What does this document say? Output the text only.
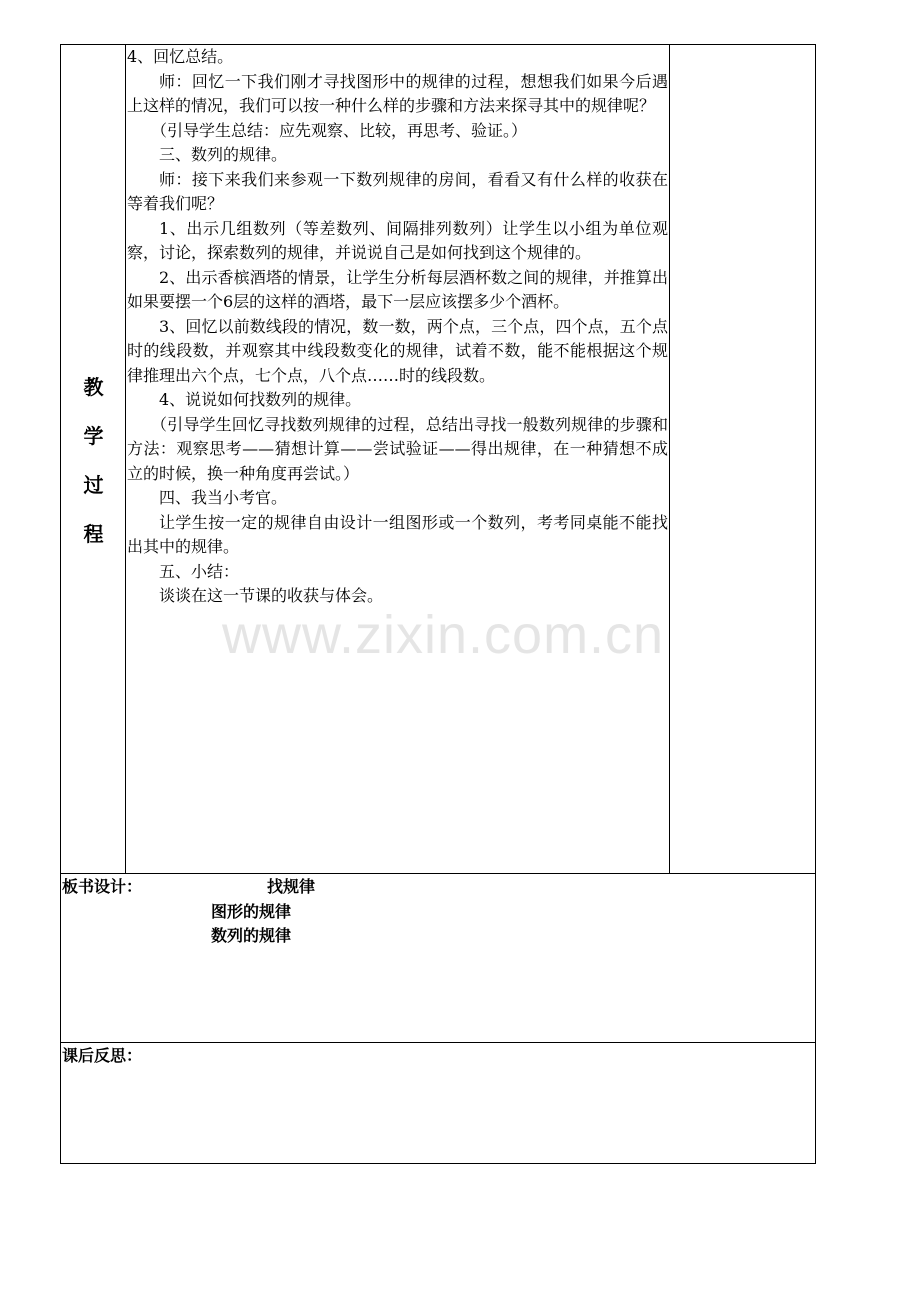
教
学
过
程

4、回忆总结。

师：回忆一下我们刚才寻找图形中的规律的过程，想想我们如果今后遇上这样的情况，我们可以按一种什么样的步骤和方法来探寻其中的规律呢？

（引导学生总结：应先观察、比较，再思考、验证。）

三、数列的规律。

师：接下来我们来参观一下数列规律的房间，看看又有什么样的收获在等着我们呢？

1、出示几组数列（等差数列、间隔排列数列）让学生以小组为单位观察，讨论，探索数列的规律，并说说自己是如何找到这个规律的。

2、出示香槟酒塔的情景，让学生分析每层酒杯数之间的规律，并推算出如果要摆一个6层的这样的酒塔，最下一层应该摆多少个酒杯。

3、回忆以前数线段的情况，数一数，两个点，三个点，四个点，五个点时的线段数，并观察其中线段数变化的规律，试着不数，能不能根据这个规律推理出六个点，七个点，八个点……时的线段数。

4、说说如何找数列的规律。

（引导学生回忆寻找数列规律的过程，总结出寻找一般数列规律的步骤和方法：观察思考——猜想计算——尝试验证——得出规律，在一种猜想不成立的时候，换一种角度再尝试。）

四、我当小考官。

让学生按一定的规律自由设计一组图形或一个数列，考考同桌能不能找出其中的规律。

五、小结：

谈谈在这一节课的收获与体会。

板书设计：	找规律
图形的规律
数列的规律
课后反思：
www.zixin.com.cn
